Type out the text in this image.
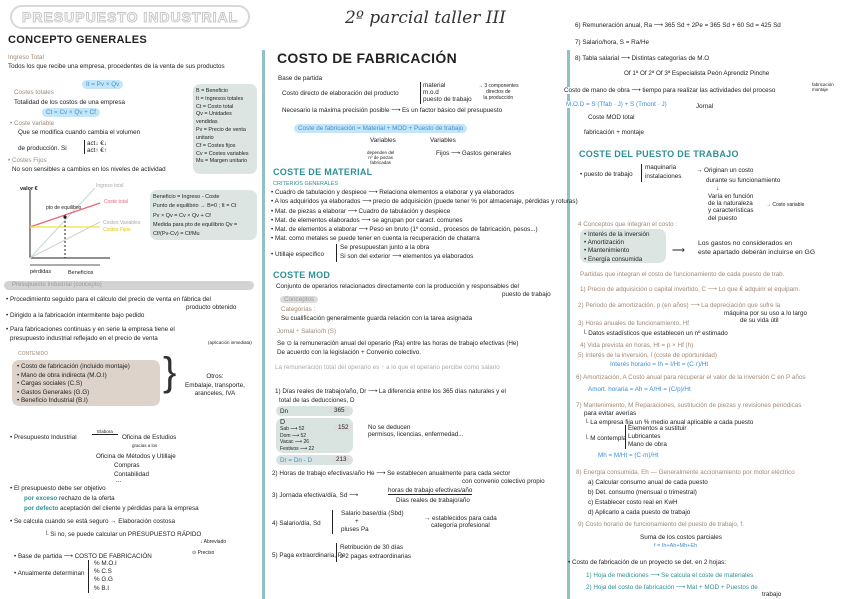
PRESUPUESTO INDUSTRIAL	2º parcial taller III
CONCEPTO GENERALES
Ingreso Total
Todos los que recibe una empresa, procedentes de la venta de sus productos
It = Pv × Qv
Costes totales
Totalidad de los costos de una empresa
Ct = Cv × Qv + Cf
• Coste variable
Que se modifica cuando cambia el volumen
de producción. Si
act↓ €↓
act↑ €↑
• Costes Fijos
No son sensibles a cambios en los niveles de actividad
B = Beneficio
It = Ingresos totales
Ct = Costo total
Qv = Unidades vendidas
Pv = Precio de venta unitario
Cf = Costes fijos
Cv = Costes variables
Mu = Margen unitario
valor €
pto de equilibrio
Ingreso total
Coste total
Costes Variables
Costes Fijos
pérdidas	Beneficios
Beneficio = Ingreso - Coste
Punto de equilibrio → B=0 ; It = Ct
Pv × Qv = Cv × Qv + Cf
Medida para pto de equilibrio Qv = Cf/(Pv-Cv) = Cf/Mu
Presupuesto Industrial (concepto)
• Procedimiento seguido para el cálculo del precio de venta en fábrica del
producto obtenido
• Dirigido a la fabricación intermitente bajo pedido
• Para fabricaciones continuas y en serie la empresa tiene el
presupuesto industrial reflejado en el precio de venta
(aplicación inmediata)
CONTENIDO
• Costo de fabricación (incluido montaje)
• Mano de obra indirecta (M.O.I)
• Cargas sociales (C.S)
• Gastos Generales (G.G)
• Beneficio Industrial (B.I)
}	Otros:
Embalaje, transporte,
aranceles, IVA
• Presupuesto Industrial
Elabora
Oficina de Estudios
gracias a los
Oficina de Métodos y Utillaje
Compras
Contabilidad
...
• El presupuesto debe ser objetivo
por exceso rechazo de la oferta
por defecto aceptación del cliente y pérdidas para la empresa
• Se calcula cuando se está seguro → Elaboración costosa
└ Si no, se puede calcular un PRESUPUESTO RÁPIDO
↓ Abreviado
⊙ Preciso
• Base de partida ⟶ COSTO DE FABRICACIÓN
• Anualmente determinan
% M.O.I
% C.S
% G.G
% B.I
COSTO DE FABRICACIÓN
Base de partida
Costo directo de elaboración del producto
material
m.o.d
puesto de trabajo
→ 3 componentes
directos de
la producción
Necesario la máxima precisión posible ⟶ Es un factor básico del presupuesto
Coste de fabricación = Material + MOD + Puesto de trabajo
Variables
dependen del
nº de piezas
fabricadas
Variables
Fijos ⟶ Gastos generales
COSTE DE MATERIAL
CRITERIOS GENERALES
• Cuadro de tabulación y despiece ⟶ Relaciona elementos a elaborar y ya elaborados
• A los adquiridos ya elaborados ⟶ precio de adquisición (puede tener % por almacenaje, pérdidas y roturas)
• Mat. de piezas a elaborar ⟶ Cuadro de tabulación y despiece
• Mat. de elementos elaborados ⟶ se agrupan por caract. comunes
• Mat. de elementos a elaborar ⟶ Peso en bruto (1º consid., procesos de fabricación, pesos...)
• Mat. como metales se puede tener en cuenta la recuperación de chatarra
• Utillaje específico
Se presupuestan junto a la obra
Si son del exterior ⟶ elementos ya elaborados
COSTE MOD
Conjunto de operarios relacionados directamente con la producción y responsables del
puesto de trabajo
Conceptos
Categorías :
Su cualificación generalmente guarda relación con la tarea asignada
Jornal ÷ Salario/h (S)
Se ⊙ la remuneración anual del operario (Ra) entre las horas de trabajo efectivas (He)
De acuerdo con la legislación + Convenio colectivo.
La remuneración total del operario es ↑ a lo que el operario percibe como salario
1) Días reales de trabajo/año, Dr ⟶ La diferencia entre los 365 días naturales y el
total de las deducciones, D
Dn	365
D
Sab ⟶ 52
Dom ⟶ 52
Vacac ⟶ 26
Festivos ⟶ 22
152
Dr = Dn - D	213
No se deducen
permisos, licencias, enfermedad...
2) Horas de trabajo efectivas/año He ⟶ Se establecen anualmente para cada sector
con convenio colectivo propio
3) Jornada efectiva/día, Sd ⟶
horas de trabajo efectivas/año
Días reales de trabajo/año
4) Salario/día, Sd
Salario base/día (Sbd)
+
pluses Pa
→ establecidos para cada
categoría profesional
5) Paga extraordinaria, Pe
Retribución de 30 días
≥ 2 pagas extraordinarias
6) Remuneración anual, Ra ⟶ 365 Sd + 2Pe = 365 Sd + 60 Sd = 425 Sd
7) Salario/hora, S = Ra/He
8) Tabla salarial ⟶ Distintas categorías de M.O
Of 1ª Of 2ª Of 3ª Especialista Peón Aprendiz Pinche
Costo de mano de obra ⟶ tiempo para realizar las actividades del proceso
fabricación
montaje
M.O.D = S (Tfab · J) + S (Tmont · J)	Jornal
Coste MOD total
fabricación + montaje
COSTE DEL PUESTO DE TRABAJO
• puesto de trabajo
maquinaria
instalaciones
→ Originan un costo
durante su funcionamiento
↓
Varía en función
de la naturaleza
y características
del puesto
→ Costo variable
4 Conceptos que integran el costo :
• Interés de la inversión
• Amortización
• Mantenimiento
• Energía consumida
⟶
Los gastos no considerados en
este apartado deberán incluirse en GG
Partidas que integran el costo de funcionamiento de cada puesto de trab.
1) Precio de adquisición o capital invertido, C ⟶ Lo que € adquirir el equipam.
2) Periodo de amortización, p (en años) ⟶ La depreciación que sufre la
máquina por su uso a lo largo
de su vida útil
3) Horas anuales de funcionamiento, Hf
└ Datos estadísticos que establecen un nº estimado
4) Vida prevista en horas, Ht = p × Hf (h)
5) Interés de la inversión, I (coste de oportunidad)
Interés horario = Ih = I/Ht = (C·r)/Ht
6) Amortización, A Costo anual para recuperar el valor de la inversión C en P años
Amort. horaria = Ah = A/Ht = (C/p)/Ht
7) Mantenimiento, M Reparaciones, sustitución de piezas y revisiones periódicas
para evitar averías
└ La empresa fija un % medio anual aplicable a cada puesto
└ M contempla
Elementos a sustituir
Lubricantes
Mano de obra
Mh = M/Ht = (C·m)/Ht
8) Energía consumida, Eh — Generalmente accionamiento por motor eléctrico
a) Calcular consumo anual de cada puesto
b) Det. consumo (mensual o trimestral)
c) Establecer costo real en KwH
d) Aplicarlo a cada puesto de trabajo
9) Costo horario de funcionamiento del puesto de trabajo, f.
Suma de los costos parciales
f = Ih+Ah+Mh+Eh
• Costo de fabricación de un proyecto se det. en 2 hojas:
1) Hoja de mediciones ⟶ Se calcula el coste de materiales
2) Hoja del costo de fabricación ⟶ Mat + MOD + Puestos de
trabajo
